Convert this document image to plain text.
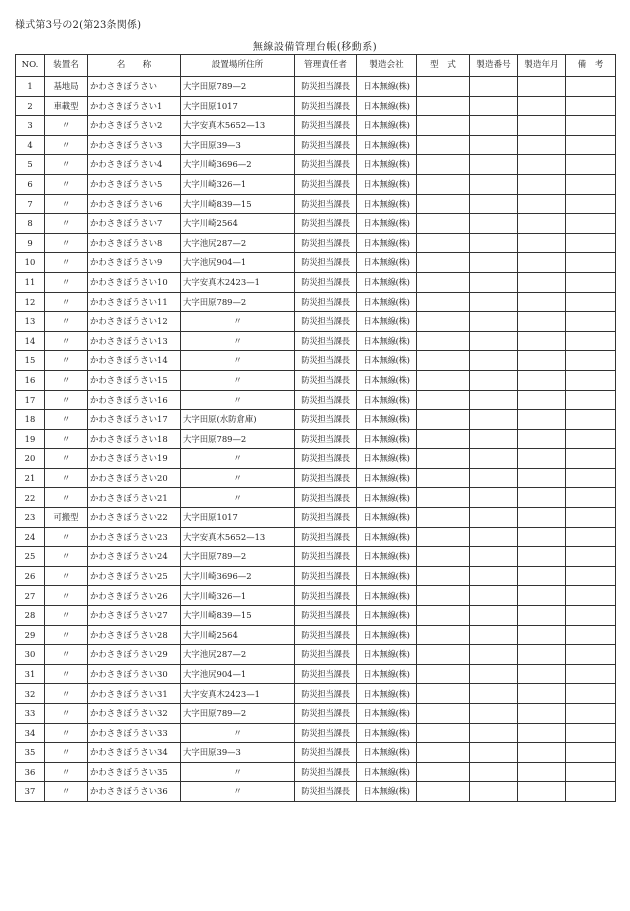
様式第3号の2(第23条関係)
無線設備管理台帳(移動系)
NO.	装置名	名　　称	設置場所住所	管理責任者	製造会社	型　式	製造番号	製造年月	備　考
1	基地局	かわさきぼうさい	大字田原789—2	防災担当課長	日本無線(株)				
2	車載型	かわさきぼうさい1	大字田原1017	防災担当課長	日本無線(株)				
3	〃	かわさきぼうさい2	大字安真木5652—13	防災担当課長	日本無線(株)				
4	〃	かわさきぼうさい3	大字田原39—3	防災担当課長	日本無線(株)				
5	〃	かわさきぼうさい4	大字川崎3696—2	防災担当課長	日本無線(株)				
6	〃	かわさきぼうさい5	大字川崎326—1	防災担当課長	日本無線(株)				
7	〃	かわさきぼうさい6	大字川崎839—15	防災担当課長	日本無線(株)				
8	〃	かわさきぼうさい7	大字川崎2564	防災担当課長	日本無線(株)				
9	〃	かわさきぼうさい8	大字池尻287—2	防災担当課長	日本無線(株)				
10	〃	かわさきぼうさい9	大字池尻904—1	防災担当課長	日本無線(株)				
11	〃	かわさきぼうさい10	大字安真木2423—1	防災担当課長	日本無線(株)				
12	〃	かわさきぼうさい11	大字田原789—2	防災担当課長	日本無線(株)				
13	〃	かわさきぼうさい12	〃	防災担当課長	日本無線(株)				
14	〃	かわさきぼうさい13	〃	防災担当課長	日本無線(株)				
15	〃	かわさきぼうさい14	〃	防災担当課長	日本無線(株)				
16	〃	かわさきぼうさい15	〃	防災担当課長	日本無線(株)				
17	〃	かわさきぼうさい16	〃	防災担当課長	日本無線(株)				
18	〃	かわさきぼうさい17	大字田原(水防倉庫)	防災担当課長	日本無線(株)				
19	〃	かわさきぼうさい18	大字田原789—2	防災担当課長	日本無線(株)				
20	〃	かわさきぼうさい19	〃	防災担当課長	日本無線(株)				
21	〃	かわさきぼうさい20	〃	防災担当課長	日本無線(株)				
22	〃	かわさきぼうさい21	〃	防災担当課長	日本無線(株)				
23	可搬型	かわさきぼうさい22	大字田原1017	防災担当課長	日本無線(株)				
24	〃	かわさきぼうさい23	大字安真木5652—13	防災担当課長	日本無線(株)				
25	〃	かわさきぼうさい24	大字田原789—2	防災担当課長	日本無線(株)				
26	〃	かわさきぼうさい25	大字川崎3696—2	防災担当課長	日本無線(株)				
27	〃	かわさきぼうさい26	大字川崎326—1	防災担当課長	日本無線(株)				
28	〃	かわさきぼうさい27	大字川崎839—15	防災担当課長	日本無線(株)				
29	〃	かわさきぼうさい28	大字川崎2564	防災担当課長	日本無線(株)				
30	〃	かわさきぼうさい29	大字池尻287—2	防災担当課長	日本無線(株)				
31	〃	かわさきぼうさい30	大字池尻904—1	防災担当課長	日本無線(株)				
32	〃	かわさきぼうさい31	大字安真木2423—1	防災担当課長	日本無線(株)				
33	〃	かわさきぼうさい32	大字田原789—2	防災担当課長	日本無線(株)				
34	〃	かわさきぼうさい33	〃	防災担当課長	日本無線(株)				
35	〃	かわさきぼうさい34	大字田原39—3	防災担当課長	日本無線(株)				
36	〃	かわさきぼうさい35	〃	防災担当課長	日本無線(株)				
37	〃	かわさきぼうさい36	〃	防災担当課長	日本無線(株)				
